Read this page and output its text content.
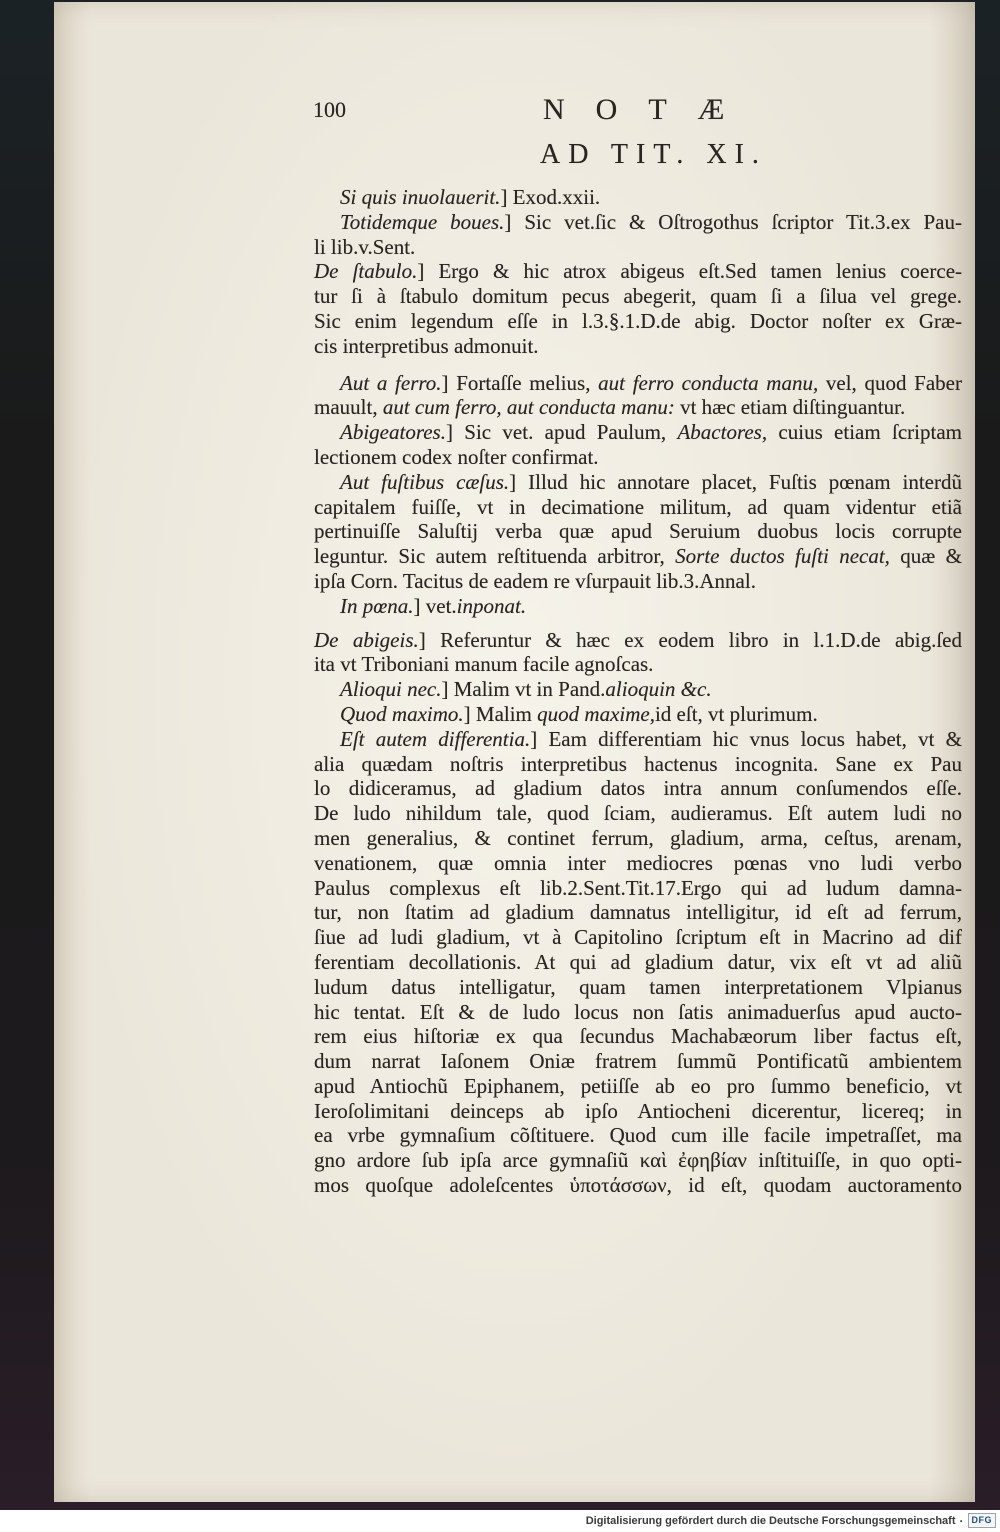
100	NOTÆ
AD TIT. XI.
Si quis inuolauerit.] Exod.xxii.
Totidemque boues.] Sic vet.ſic & Oſtrogothus ſcriptor Tit.3.ex Pau-
li lib.v.Sent.
De ſtabulo.] Ergo & hic atrox abigeus eſt.Sed tamen lenius coerce-
tur ſi à ſtabulo domitum pecus abegerit, quam ſi a ſilua vel grege.
Sic enim legendum eſſe in l.3.§.1.D.de abig. Doctor noſter ex Græ-
cis interpretibus admonuit.
Aut a ferro.] Fortaſſe melius, aut ferro conducta manu, vel, quod Faber
mauult, aut cum ferro, aut conducta manu: vt hæc etiam diſtinguantur.
Abigeatores.] Sic vet. apud Paulum, Abactores, cuius etiam ſcriptam
lectionem codex noſter confirmat.
Aut fuſtibus cæſus.] Illud hic annotare placet, Fuſtis pœnam interdũ
capitalem fuiſſe, vt in decimatione militum, ad quam videntur etiã
pertinuiſſe Saluſtij verba quæ apud Seruium duobus locis corrupte
leguntur. Sic autem reſtituenda arbitror, Sorte ductos fuſti necat, quæ &
ipſa Corn. Tacitus de eadem re vſurpauit lib.3.Annal.
In pœna.] vet.inponat.
De abigeis.] Referuntur & hæc ex eodem libro in l.1.D.de abig.ſed
ita vt Triboniani manum facile agnoſcas.
Alioqui nec.] Malim vt in Pand.alioquin &c.
Quod maximo.] Malim quod maxime,id eſt, vt plurimum.
Eſt autem differentia.] Eam differentiam hic vnus locus habet, vt &
alia quædam noſtris interpretibus hactenus incognita. Sane ex Pau
lo didiceramus, ad gladium datos intra annum conſumendos eſſe.
De ludo nihildum tale, quod ſciam, audieramus. Eſt autem ludi no
men generalius, & continet ferrum, gladium, arma, ceſtus, arenam,
venationem, quæ omnia inter mediocres pœnas vno ludi verbo
Paulus complexus eſt lib.2.Sent.Tit.17.Ergo qui ad ludum damna-
tur, non ſtatim ad gladium damnatus intelligitur, id eſt ad ferrum,
ſiue ad ludi gladium, vt à Capitolino ſcriptum eſt in Macrino ad dif
ferentiam decollationis. At qui ad gladium datur, vix eſt vt ad aliũ
ludum datus intelligatur, quam tamen interpretationem Vlpianus
hic tentat. Eſt & de ludo locus non ſatis animaduerſus apud aucto-
rem eius hiſtoriæ ex qua ſecundus Machabæorum liber factus eſt,
dum narrat Iaſonem Oniæ fratrem ſummũ Pontificatũ ambientem
apud Antiochũ Epiphanem, petiiſſe ab eo pro ſummo beneficio, vt
Ieroſolimitani deinceps ab ipſo Antiocheni dicerentur, licereq; in
ea vrbe gymnaſium cõſtituere. Quod cum ille facile impetraſſet, ma
gno ardore ſub ipſa arce gymnaſiũ καὶ ἐφηβίαν inſtituiſſe, in quo opti-
mos quoſque adoleſcentes ὑποτάσσων, id eſt, quodam auctoramento
Digitalisierung gefördert durch die Deutsche Forschungsgemeinschaft · DFG
